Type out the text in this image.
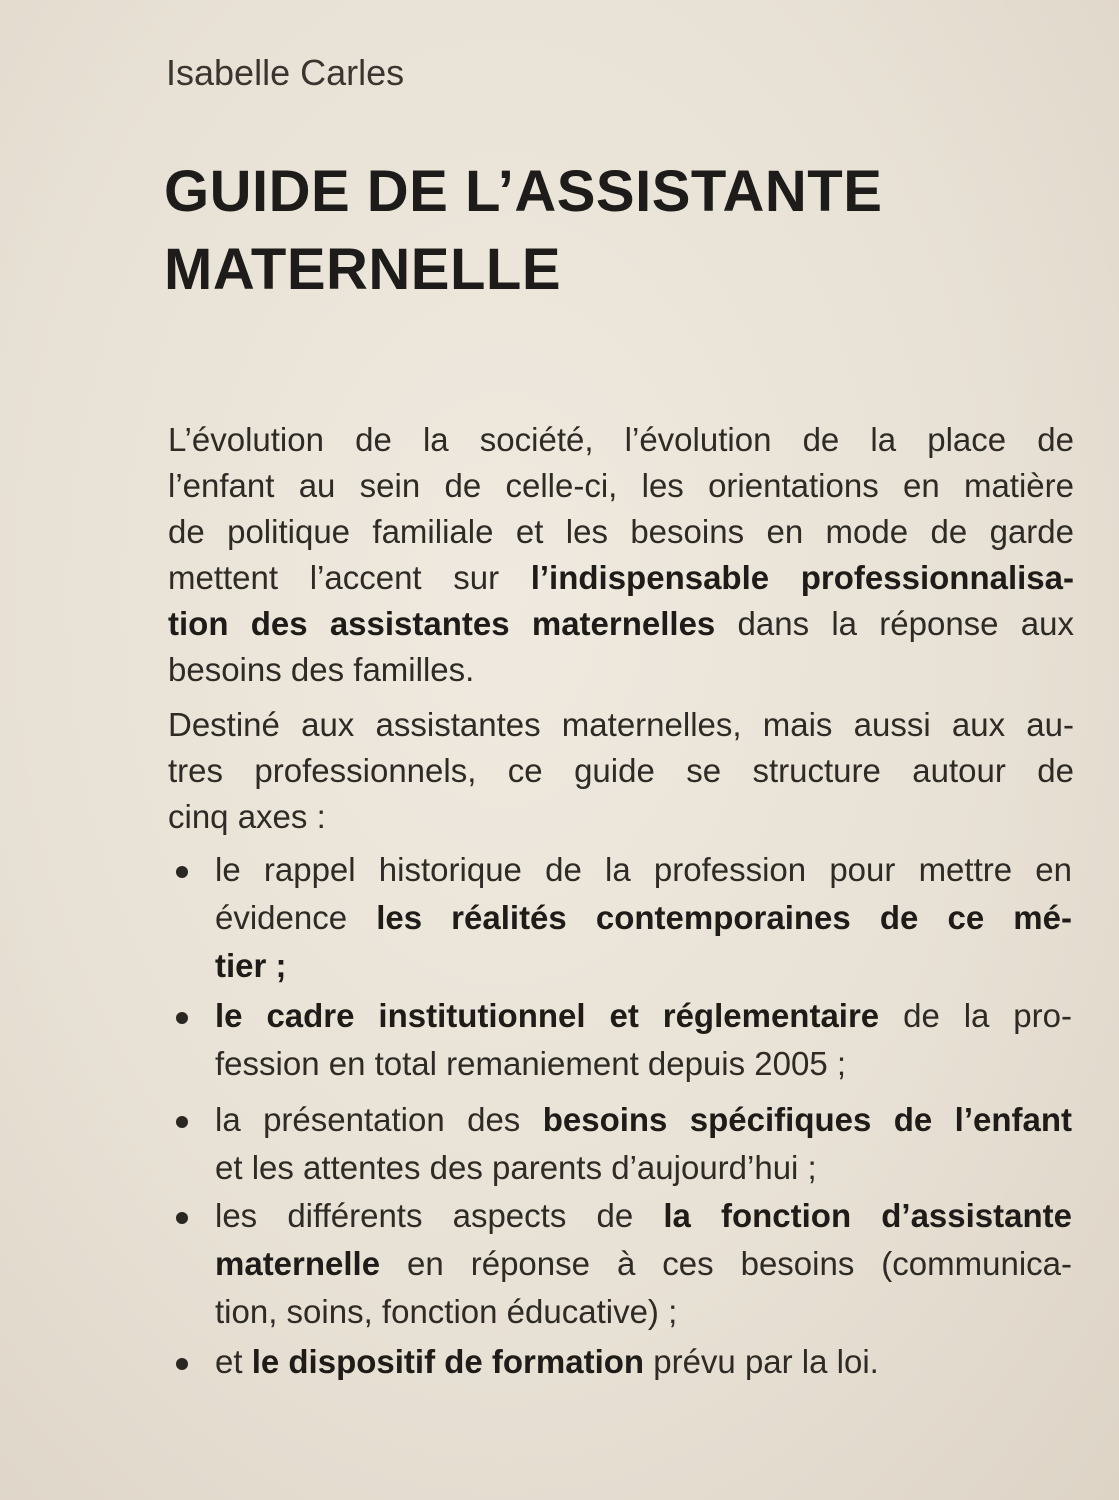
Isabelle Carles
GUIDE DE L’ASSISTANTE
MATERNELLE
L’évolution de la société, l’évolution de la place de
l’enfant au sein de celle-ci, les orientations en matière
de politique familiale et les besoins en mode de garde
mettent l’accent sur l’indispensable professionnalisa-
tion des assistantes maternelles dans la réponse aux
besoins des familles.
Destiné aux assistantes maternelles, mais aussi aux au-
tres professionnels, ce guide se structure autour de
cinq axes :
le rappel historique de la profession pour mettre en
évidence les réalités contemporaines de ce mé-
tier ;
le cadre institutionnel et réglementaire de la pro-
fession en total remaniement depuis 2005 ;
la présentation des besoins spécifiques de l’enfant
et les attentes des parents d’aujourd’hui ;
les différents aspects de la fonction d’assistante
maternelle en réponse à ces besoins (communica-
tion, soins, fonction éducative) ;
et le dispositif de formation prévu par la loi.
